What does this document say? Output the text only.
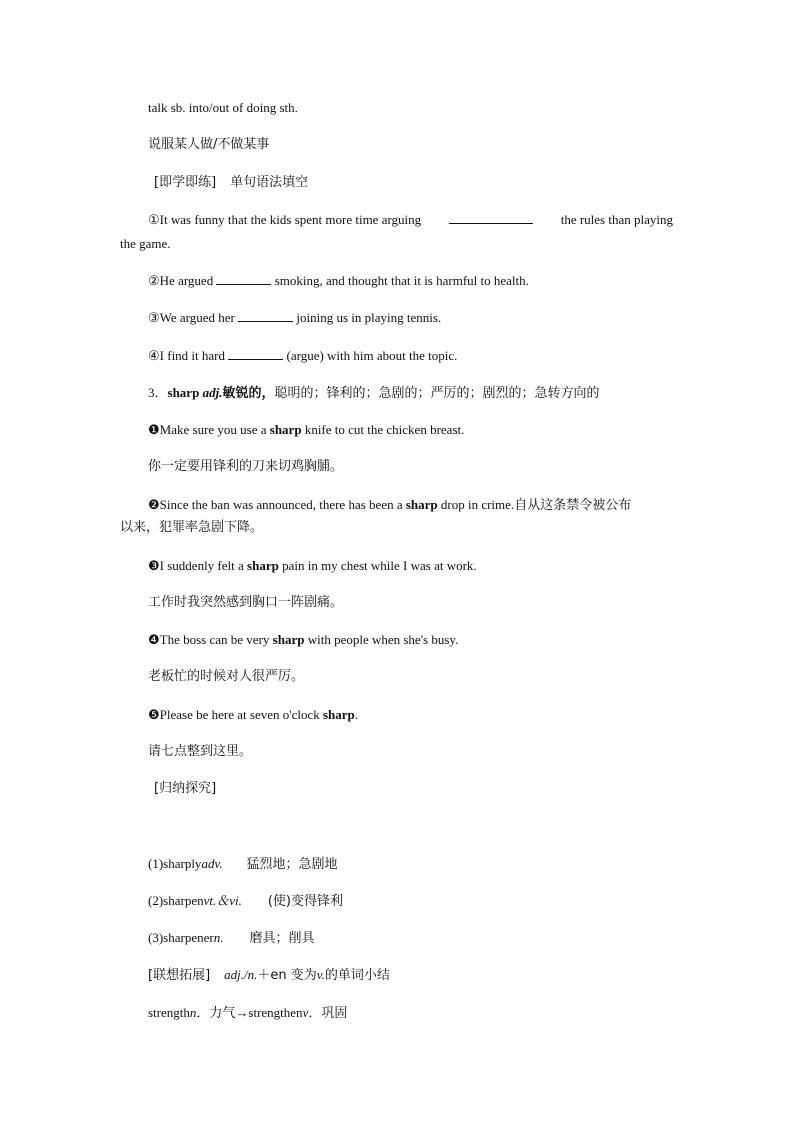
talk sb. into/out of doing sth.
说服某人做/不做某事
[即学即练] 单句语法填空
①It was funny that the kids spent more time arguing	the rules than playing
the game.
②He argued	smoking, and thought that it is harmful to health.
③We argued her	joining us in playing tennis.
④I find it hard	(argue) with him about the topic.
3．sharp adj.敏锐的，聪明的；锋利的；急剧的；严厉的；剧烈的；急转方向的
❶Make sure you use a sharp knife to cut the chicken breast.
你一定要用锋利的刀来切鸡胸脯。
❷Since the ban was announced, there has been a sharp drop in crime.自从这条禁令被公布
以来，犯罪率急剧下降。
❸I suddenly felt a sharp pain in my chest while I was at work.
工作时我突然感到胸口一阵剧痛。
❹The boss can be very sharp with people when she's busy.
老板忙的时候对人很严厉。
❺Please be here at seven o'clock sharp.
请七点整到这里。
[归纳探究]
(1)sharplyadv. 猛烈地；急剧地
(2)sharpenvt.＆vi. (使)变得锋利
(3)sharpenern. 磨具；削具
[联想拓展] adj./n.＋en 变为v.的单词小结
strengthn．力气→strengthenv．巩固
